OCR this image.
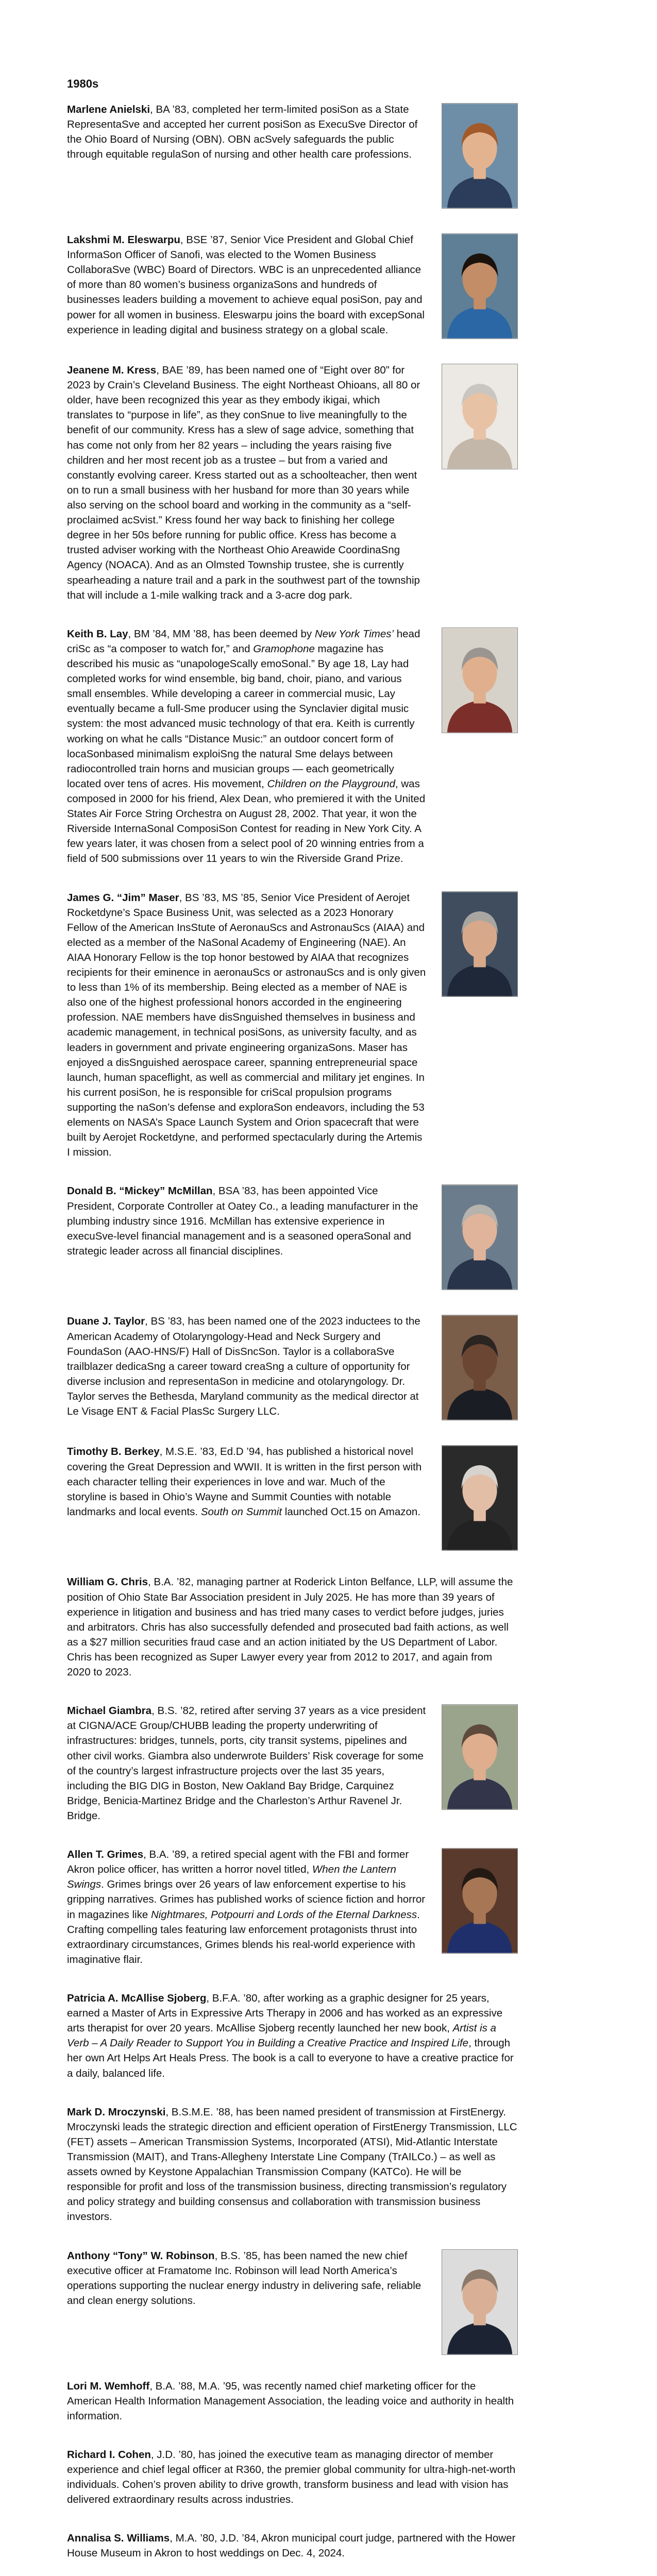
1980s

Marlene Anielski, BA ’83, completed her term-limited posiSon as a State RepresentaSve and accepted her current posiSon as ExecuSve Director of the Ohio Board of Nursing (OBN). OBN acSvely safeguards the public through equitable regulaSon of nursing and other health care professions.

Lakshmi M. Eleswarpu, BSE ’87, Senior Vice President and Global Chief InformaSon Officer of Sanofi, was elected to the Women Business CollaboraSve (WBC) Board of Directors. WBC is an unprecedented alliance of more than 80 women’s business organizaSons and hundreds of businesses leaders building a movement to achieve equal posiSon, pay and power for all women in business. Eleswarpu joins the board with excepSonal experience in leading digital and business strategy on a global scale.

Jeanene M. Kress, BAE ’89, has been named one of “Eight over 80” for 2023 by Crain’s Cleveland Business. The eight Northeast Ohioans, all 80 or older, have been recognized this year as they embody ikigai, which translates to “purpose in life”, as they conSnue to live meaningfully to the benefit of our community. Kress has a slew of sage advice, something that has come not only from her 82 years – including the years raising five children and her most recent job as a trustee – but from a varied and constantly evolving career. Kress started out as a schoolteacher, then went on to run a small business with her husband for more than 30 years while also serving on the school board and working in the community as a “self-proclaimed acSvist.” Kress found her way back to finishing her college degree in her 50s before running for public office. Kress has become a trusted adviser working with the Northeast Ohio Areawide CoordinaSng Agency (NOACA). And as an Olmsted Township trustee, she is currently spearheading a nature trail and a park in the southwest part of the township that will include a 1-mile walking track and a 3-acre dog park.

Keith B. Lay, BM ’84, MM ’88, has been deemed by New York Times’ head criSc as “a composer to watch for,” and Gramophone magazine has described his music as “unapologeScally emoSonal.” By age 18, Lay had completed works for wind ensemble, big band, choir, piano, and various small ensembles. While developing a career in commercial music, Lay eventually became a full-Sme producer using the Synclavier digital music system: the most advanced music technology of that era. Keith is currently working on what he calls “Distance Music:” an outdoor concert form of locaSonbased minimalism exploiSng the natural Sme delays between radiocontrolled train horns and musician groups — each geometrically located over tens of acres. His movement, Children on the Playground, was composed in 2000 for his friend, Alex Dean, who premiered it with the United States Air Force String Orchestra on August 28, 2002. That year, it won the Riverside InternaSonal ComposiSon Contest for reading in New York City. A few years later, it was chosen from a select pool of 20 winning entries from a field of 500 submissions over 11 years to win the Riverside Grand Prize.

James G. “Jim” Maser, BS ’83, MS ’85, Senior Vice President of Aerojet Rocketdyne’s Space Business Unit, was selected as a 2023 Honorary Fellow of the American InsStute of AeronauScs and AstronauScs (AIAA) and elected as a member of the NaSonal Academy of Engineering (NAE). An AIAA Honorary Fellow is the top honor bestowed by AIAA that recognizes recipients for their eminence in aeronauScs or astronauScs and is only given to less than 1% of its membership. Being elected as a member of NAE is also one of the highest professional honors accorded in the engineering profession. NAE members have disSnguished themselves in business and academic management, in technical posiSons, as university faculty, and as leaders in government and private engineering organizaSons. Maser has enjoyed a disSnguished aerospace career, spanning entrepreneurial space launch, human spaceflight, as well as commercial and military jet engines. In his current posiSon, he is responsible for criScal propulsion programs supporting the naSon’s defense and exploraSon endeavors, including the 53 elements on NASA’s Space Launch System and Orion spacecraft that were built by Aerojet Rocketdyne, and performed spectacularly during the Artemis I mission.

Donald B. “Mickey” McMillan, BSA ’83, has been appointed Vice President, Corporate Controller at Oatey Co., a leading manufacturer in the plumbing industry since 1916. McMillan has extensive experience in execuSve-level financial management and is a seasoned operaSonal and strategic leader across all financial disciplines.

Duane J. Taylor, BS ’83, has been named one of the 2023 inductees to the American Academy of Otolaryngology-Head and Neck Surgery and FoundaSon (AAO-HNS/F) Hall of DisSncSon. Taylor is a collaboraSve trailblazer dedicaSng a career toward creaSng a culture of opportunity for diverse inclusion and representaSon in medicine and otolaryngology. Dr. Taylor serves the Bethesda, Maryland community as the medical director at Le Visage ENT & Facial PlasSc Surgery LLC.

Timothy B. Berkey, M.S.E. ’83, Ed.D ’94, has published a historical novel covering the Great Depression and WWII. It is written in the first person with each character telling their experiences in love and war. Much of the storyline is based in Ohio’s Wayne and Summit Counties with notable landmarks and local events. South on Summit launched Oct.15 on Amazon.

William G. Chris, B.A. ’82, managing partner at Roderick Linton Belfance, LLP, will assume the position of Ohio State Bar Association president in July 2025. He has more than 39 years of experience in litigation and business and has tried many cases to verdict before judges, juries and arbitrators. Chris has also successfully defended and prosecuted bad faith actions, as well as a $27 million securities fraud case and an action initiated by the US Department of Labor. Chris has been recognized as Super Lawyer every year from 2012 to 2017, and again from 2020 to 2023.

Michael Giambra, B.S. ’82, retired after serving 37 years as a vice president at CIGNA/ACE Group/CHUBB leading the property underwriting of infrastructures: bridges, tunnels, ports, city transit systems, pipelines and other civil works. Giambra also underwrote Builders’ Risk coverage for some of the country’s largest infrastructure projects over the last 35 years, including the BIG DIG in Boston, New Oakland Bay Bridge, Carquinez Bridge, Benicia-Martinez Bridge and the Charleston’s Arthur Ravenel Jr. Bridge.

Allen T. Grimes, B.A. ’89, a retired special agent with the FBI and former Akron police officer, has written a horror novel titled, When the Lantern Swings. Grimes brings over 26 years of law enforcement expertise to his gripping narratives. Grimes has published works of science fiction and horror in magazines like Nightmares, Potpourri and Lords of the Eternal Darkness. Crafting compelling tales featuring law enforcement protagonists thrust into extraordinary circumstances, Grimes blends his real-world experience with imaginative flair.

Patricia A. McAllise Sjoberg, B.F.A. ’80, after working as a graphic designer for 25 years, earned a Master of Arts in Expressive Arts Therapy in 2006 and has worked as an expressive arts therapist for over 20 years. McAllise Sjoberg recently launched her new book, Artist is a Verb – A Daily Reader to Support You in Building a Creative Practice and Inspired Life, through her own Art Helps Art Heals Press. The book is a call to everyone to have a creative practice for a daily, balanced life.

Mark D. Mroczynski, B.S.M.E. ’88, has been named president of transmission at FirstEnergy. Mroczynski leads the strategic direction and efficient operation of FirstEnergy Transmission, LLC (FET) assets – American Transmission Systems, Incorporated (ATSI), Mid-Atlantic Interstate Transmission (MAIT), and Trans-Allegheny Interstate Line Company (TrAILCo.) – as well as assets owned by Keystone Appalachian Transmission Company (KATCo). He will be responsible for profit and loss of the transmission business, directing transmission’s regulatory and policy strategy and building consensus and collaboration with transmission business investors.

Anthony “Tony” W. Robinson, B.S. ’85, has been named the new chief executive officer at Framatome Inc. Robinson will lead North America’s operations supporting the nuclear energy industry in delivering safe, reliable and clean energy solutions.

Lori M. Wemhoff, B.A. ’88, M.A. ’95, was recently named chief marketing officer for the American Health Information Management Association, the leading voice and authority in health information.

Richard I. Cohen, J.D. ’80, has joined the executive team as managing director of member experience and chief legal officer at R360, the premier global community for ultra-high-net-worth individuals. Cohen’s proven ability to drive growth, transform business and lead with vision has delivered extraordinary results across industries.

Annalisa S. Williams, M.A. ’80, J.D. ’84, Akron municipal court judge, partnered with the Hower House Museum in Akron to host weddings on Dec. 4, 2024.
